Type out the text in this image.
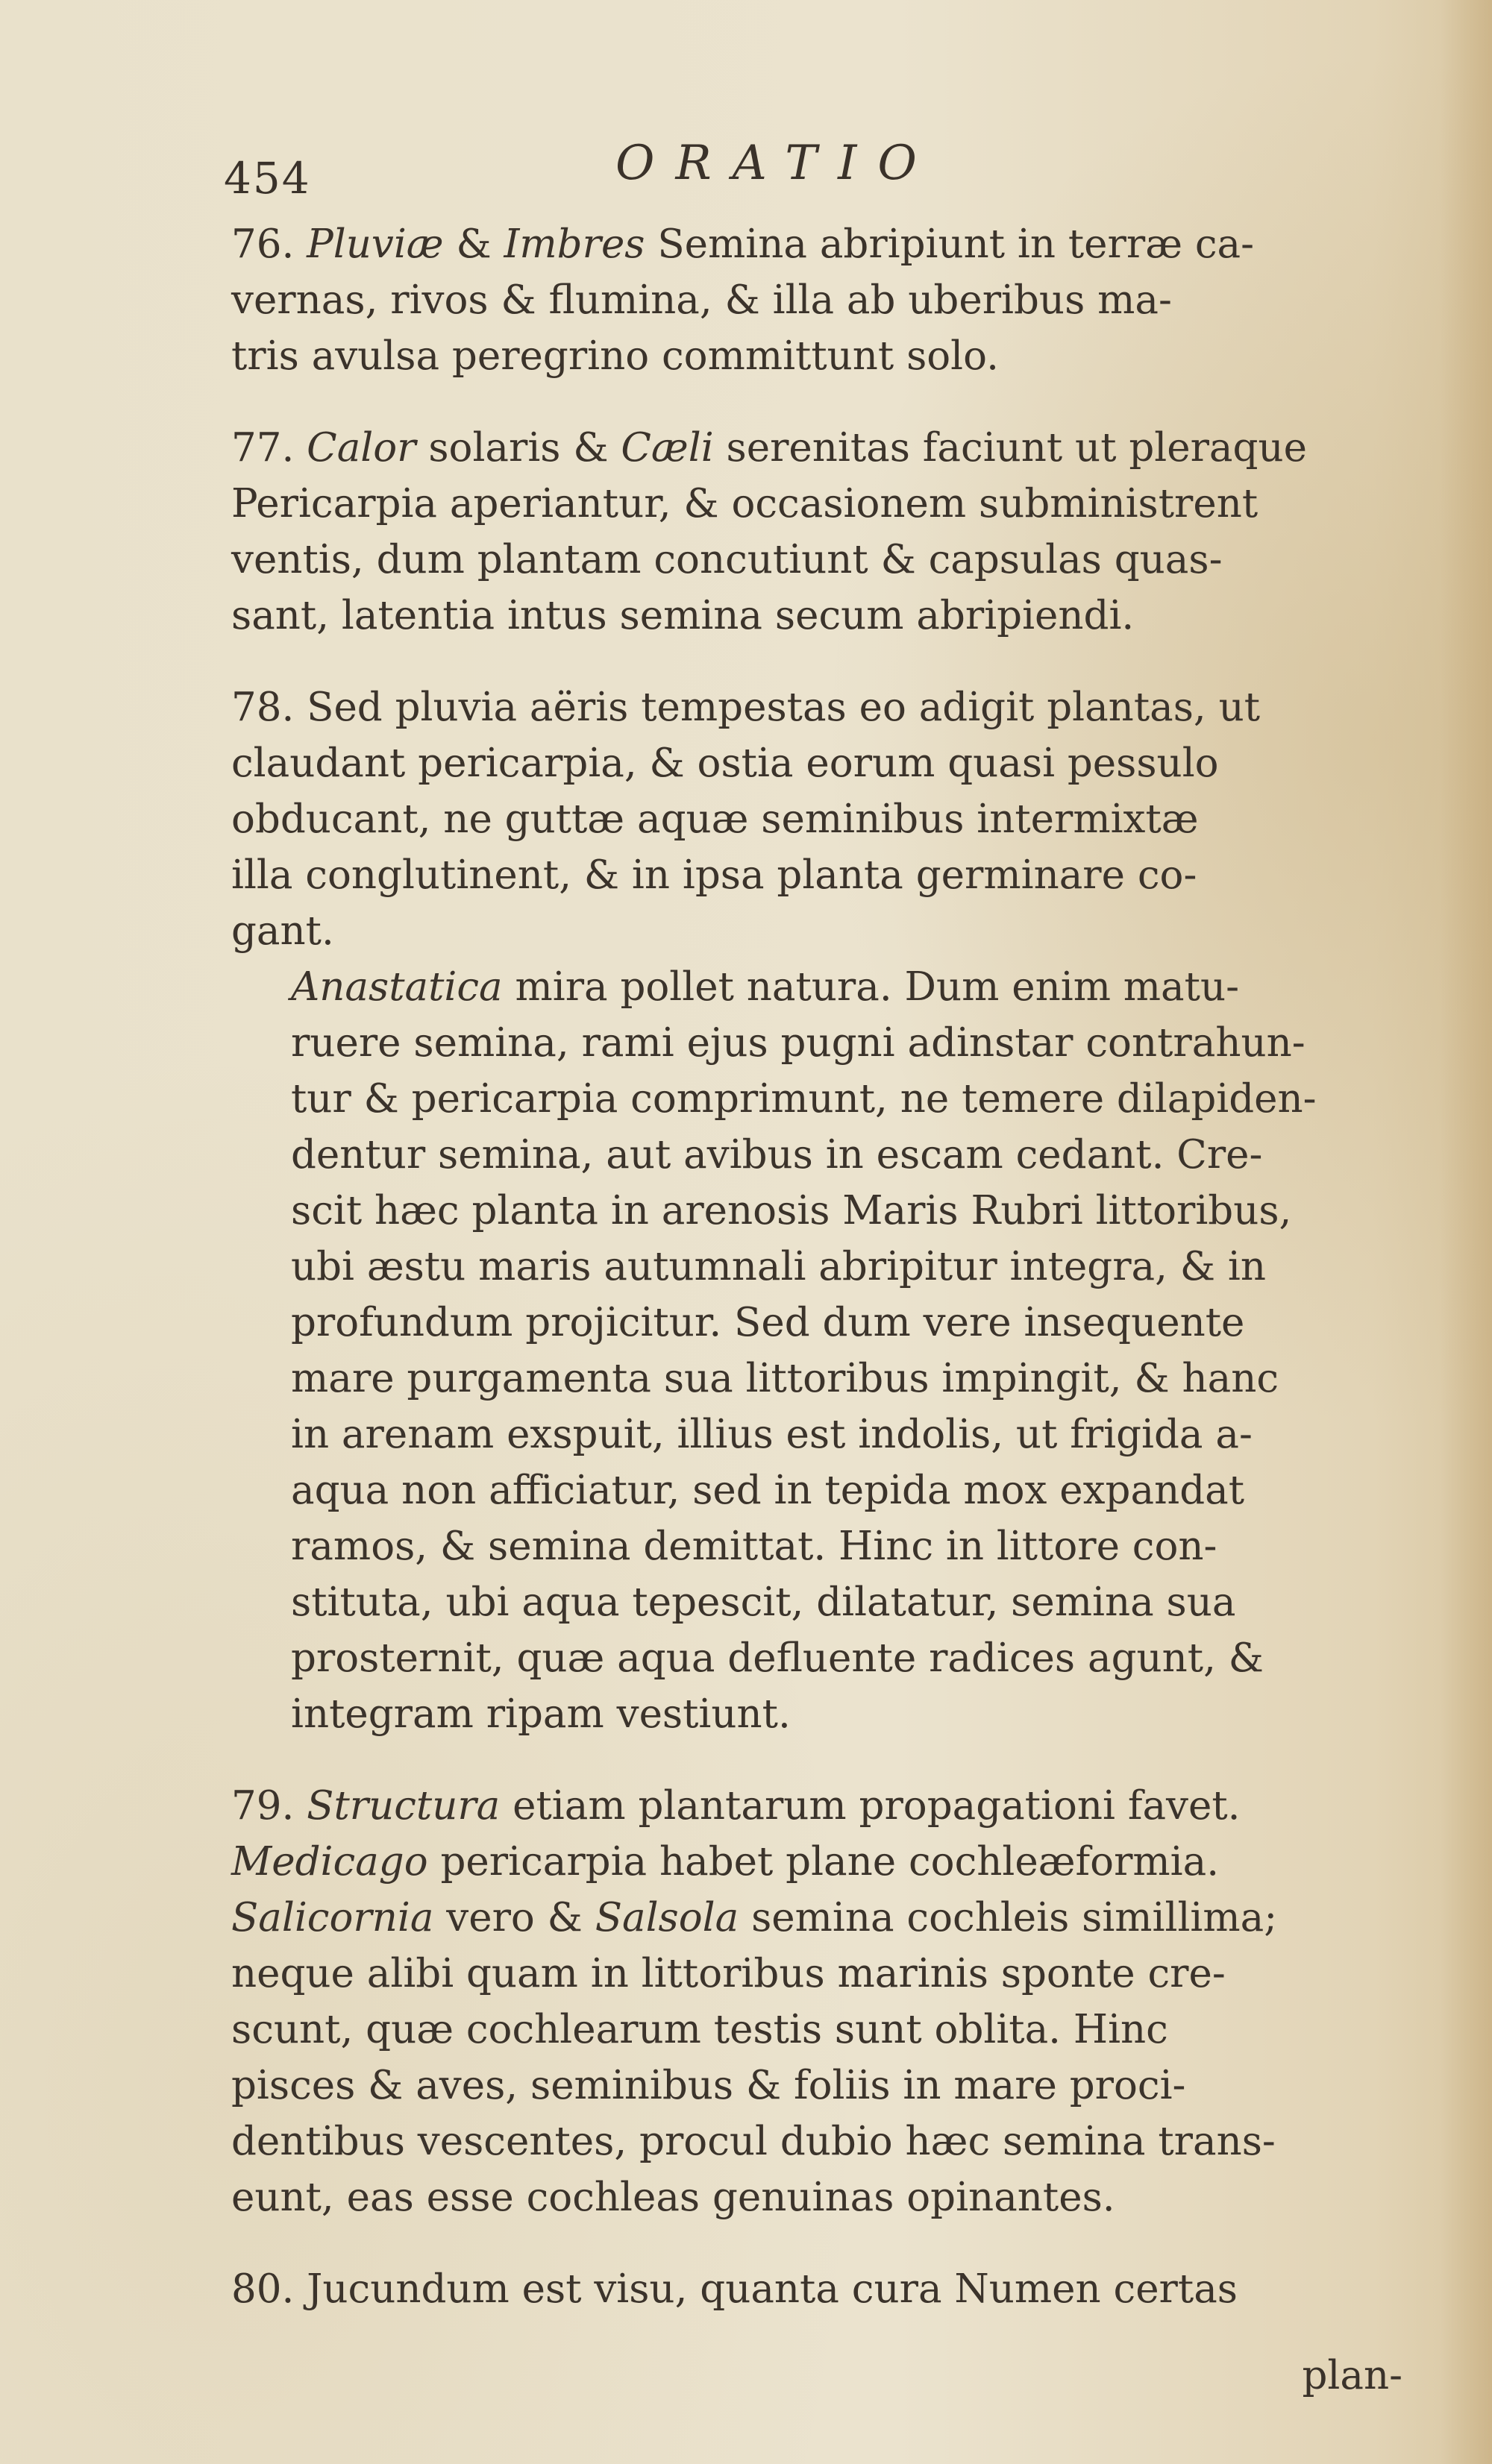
454	ORATIO
76. Pluviæ & Imbres Semina abripiunt in terræ ca-
vernas, rivos & flumina, & illa ab uberibus ma-
tris avulsa peregrino committunt solo.
77. Calor solaris & Cæli serenitas faciunt ut pleraque
Pericarpia aperiantur, & occasionem subministrent
ventis, dum plantam concutiunt & capsulas quas-
sant, latentia intus semina secum abripiendi.
78. Sed pluvia aëris tempestas eo adigit plantas, ut
claudant pericarpia, & ostia eorum quasi pessulo
obducant, ne guttæ aquæ seminibus intermixtæ
illa conglutinent, & in ipsa planta germinare co-
gant.
Anastatica mira pollet natura. Dum enim matu-
ruere semina, rami ejus pugni adinstar contrahun-
tur & pericarpia comprimunt, ne temere dilapiden-
dentur semina, aut avibus in escam cedant. Cre-
scit hæc planta in arenosis Maris Rubri littoribus,
ubi æstu maris autumnali abripitur integra, & in
profundum projicitur. Sed dum vere insequente
mare purgamenta sua littoribus impingit, & hanc
in arenam exspuit, illius est indolis, ut frigida a-
aqua non afficiatur, sed in tepida mox expandat
ramos, & semina demittat. Hinc in littore con-
stituta, ubi aqua tepescit, dilatatur, semina sua
prosternit, quæ aqua defluente radices agunt, &
integram ripam vestiunt.
79. Structura etiam plantarum propagationi favet.
Medicago pericarpia habet plane cochleæformia.
Salicornia vero & Salsola semina cochleis simillima;
neque alibi quam in littoribus marinis sponte cre-
scunt, quæ cochlearum testis sunt oblita. Hinc
pisces & aves, seminibus & foliis in mare proci-
dentibus vescentes, procul dubio hæc semina trans-
eunt, eas esse cochleas genuinas opinantes.
80. Jucundum est visu, quanta cura Numen certas
plan-
